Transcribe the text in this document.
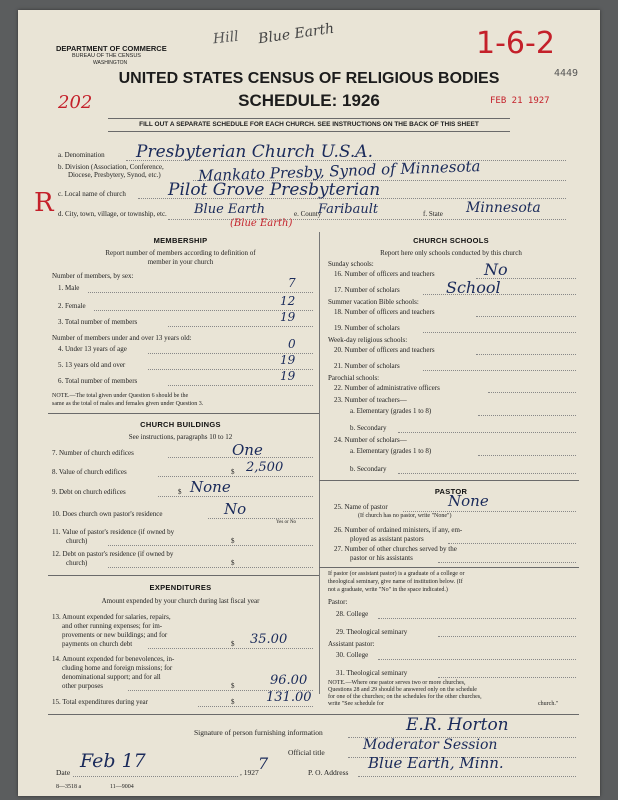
DEPARTMENT OF COMMERCE
BUREAU OF THE CENSUS
WASHINGTON
Hill Blue Earth	1-6-2
4449
UNITED STATES CENSUS OF RELIGIOUS BODIES
SCHEDULE: 1926
202	FEB 21 1927
FILL OUT A SEPARATE SCHEDULE FOR EACH CHURCH. SEE INSTRUCTIONS ON THE BACK OF THIS SHEET
a. Denomination Presbyterian Church U.S.A.
b. Division (Association, Conference,
Diocese, Presbytery, Synod, etc.) Mankato Presby, Synod of Minnesota
R c. Local name of church Pilot Grove Presbyterian
d. City, town, village, or township, etc. Blue Earth	e. County
Faribault	f. State Minnesota
(Blue Earth)
MEMBERSHIP
Report number of members according to definition of
member in your church
Number of members, by sex:
1. Male	7
2. Female	12
3. Total number of members	19
Number of members under and over 13 years old:
4. Under 13 years of age	0
5. 13 years old and over	19
6. Total number of members	19
NOTE.—The total given under Question 6 should be the
same as the total of males and females given under Question 3.
CHURCH BUILDINGS
See instructions, paragraphs 10 to 12
7. Number of church edifices	One
8. Value of church edifices	$ 2,500
9. Debt on church edifices	$ None
10. Does church own pastor's residence	No
Yes or No
11. Value of pastor's residence (if owned by
church)	$
12. Debt on pastor's residence (if owned by
church)	$
EXPENDITURES
Amount expended by your church during last fiscal year
13. Amount expended for salaries, repairs,
and other running expenses; for im-
provements or new buildings; and for
payments on church debt	$ 35.00
14. Amount expended for benevolences, in-
cluding home and foreign missions; for
denominational support; and for all
other purposes	$	96.00
15. Total expenditures during year	$ 131.00
CHURCH SCHOOLS
Report here only schools conducted by this church
Sunday schools:
16. Number of officers and teachers	No
17. Number of scholars	School
Summer vacation Bible schools:
18. Number of officers and teachers
19. Number of scholars
Week-day religious schools:
20. Number of officers and teachers
21. Number of scholars
Parochial schools:
22. Number of administrative officers
23. Number of teachers—
a. Elementary (grades 1 to 8)
b. Secondary
24. Number of scholars—
a. Elementary (grades 1 to 8)
b. Secondary
PASTOR
25. Name of pastor	None
(If church has no pastor, write "None")
26. Number of ordained ministers, if any, em-
ployed as assistant pastors
27. Number of other churches served by the
pastor or his assistants
If pastor (or assistant pastor) is a graduate of a college or
theological seminary, give name of institution below. (If
not a graduate, write "No" in the space indicated.)
Pastor:
28. College
29. Theological seminary
Assistant pastor:
30. College
31. Theological seminary
NOTE.—Where one pastor serves two or more churches,
Questions 28 and 29 should be answered only on the schedule
for one of the churches; on the schedules for the other churches,
write "See schedule for	church."
Signature of person furnishing information	E.R. Horton
Official title	Moderator Session
Date
Feb 17
, 1927 7	P. O. Address
Blue Earth, Minn.
8—3518 a	11—9004
